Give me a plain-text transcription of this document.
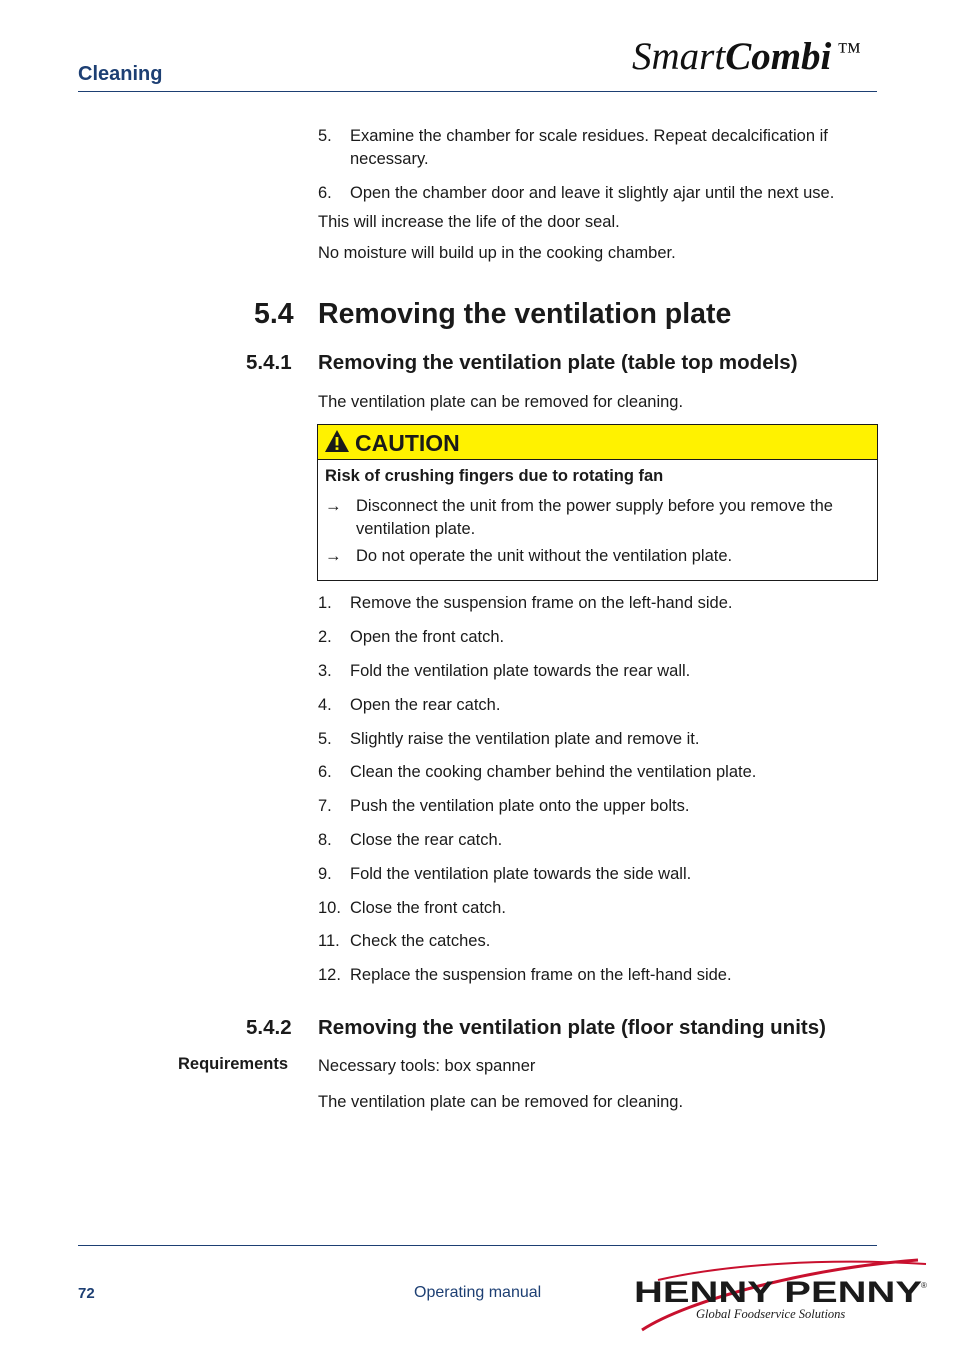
Cleaning	SmartCombi ™
5. Examine the chamber for scale residues. Repeat decalcification if necessary.
6. Open the chamber door and leave it slightly ajar until the next use.
This will increase the life of the door seal.
No moisture will build up in the cooking chamber.
5.4 Removing the ventilation plate
5.4.1 Removing the ventilation plate (table top models)
The ventilation plate can be removed for cleaning.
CAUTION
Risk of crushing fingers due to rotating fan
→ Disconnect the unit from the power supply before you remove the ventilation plate.
→ Do not operate the unit without the ventilation plate.
1. Remove the suspension frame on the left-hand side.
2. Open the front catch.
3. Fold the ventilation plate towards the rear wall.
4. Open the rear catch.
5. Slightly raise the ventilation plate and remove it.
6. Clean the cooking chamber behind the ventilation plate.
7. Push the ventilation plate onto the upper bolts.
8. Close the rear catch.
9. Fold the ventilation plate towards the side wall.
10. Close the front catch.
11. Check the catches.
12. Replace the suspension frame on the left-hand side.
5.4.2 Removing the ventilation plate (floor standing units)
Requirements Necessary tools: box spanner
The ventilation plate can be removed for cleaning.
72	Operating manual	HENNY PENNY ®
Global Foodservice Solutions
